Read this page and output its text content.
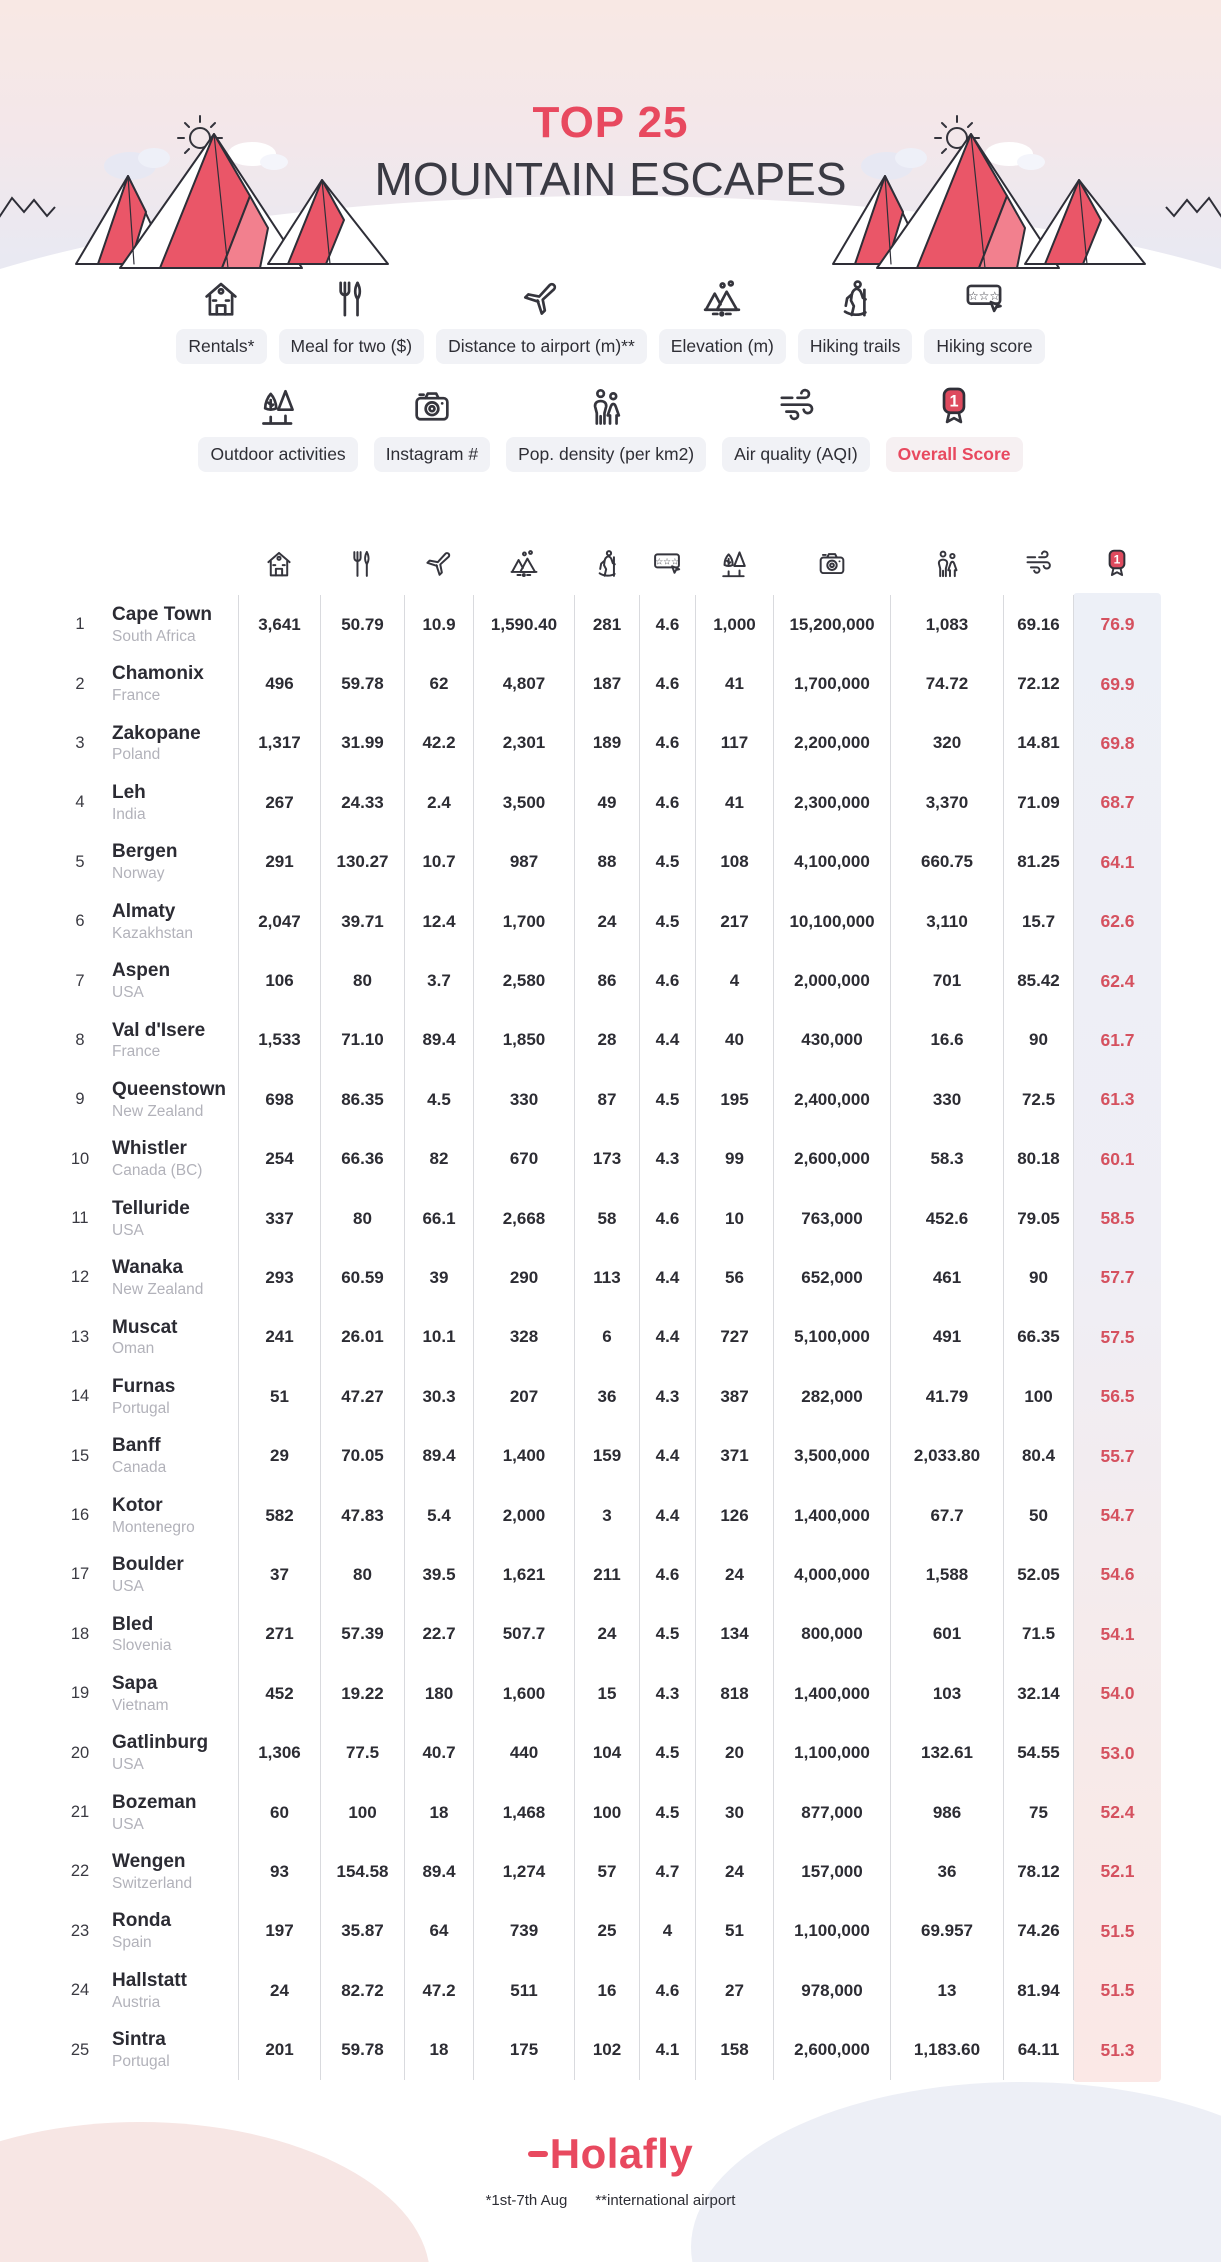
TOP 25
MOUNTAIN ESCAPES
Rentals*	Meal for two ($)	Distance to airport (m)**	Elevation (m)	Hiking trails	Hiking score
Outdoor activities	Instagram #	Pop. density (per km2)	Air quality (AQI)	Overall Score
1	Cape Town
South Africa
3,641	50.79	10.9	1,590.40	281	4.6	1,000	15,200,000	1,083	69.16	76.9
2	Chamonix
France
496	59.78	62	4,807	187	4.6	41	1,700,000	74.72	72.12	69.9
3	Zakopane
Poland
1,317	31.99	42.2	2,301	189	4.6	117	2,200,000	320	14.81	69.8
4	Leh
India
267	24.33	2.4	3,500	49	4.6	41	2,300,000	3,370	71.09	68.7
5	Bergen
Norway
291	130.27	10.7	987	88	4.5	108	4,100,000	660.75	81.25	64.1
6	Almaty
Kazakhstan
2,047	39.71	12.4	1,700	24	4.5	217	10,100,000	3,110	15.7	62.6
7	Aspen
USA
106	80	3.7	2,580	86	4.6	4	2,000,000	701	85.42	62.4
8	Val d'Isere
France
1,533	71.10	89.4	1,850	28	4.4	40	430,000	16.6	90	61.7
9	Queenstown
New Zealand
698	86.35	4.5	330	87	4.5	195	2,400,000	330	72.5	61.3
10	Whistler
Canada (BC)
254	66.36	82	670	173	4.3	99	2,600,000	58.3	80.18	60.1
11	Telluride
USA
337	80	66.1	2,668	58	4.6	10	763,000	452.6	79.05	58.5
12	Wanaka
New Zealand
293	60.59	39	290	113	4.4	56	652,000	461	90	57.7
13	Muscat
Oman
241	26.01	10.1	328	6	4.4	727	5,100,000	491	66.35	57.5
14	Furnas
Portugal
51	47.27	30.3	207	36	4.3	387	282,000	41.79	100	56.5
15	Banff
Canada
29	70.05	89.4	1,400	159	4.4	371	3,500,000	2,033.80	80.4	55.7
16	Kotor
Montenegro
582	47.83	5.4	2,000	3	4.4	126	1,400,000	67.7	50	54.7
17	Boulder
USA
37	80	39.5	1,621	211	4.6	24	4,000,000	1,588	52.05	54.6
18	Bled
Slovenia
271	57.39	22.7	507.7	24	4.5	134	800,000	601	71.5	54.1
19	Sapa
Vietnam
452	19.22	180	1,600	15	4.3	818	1,400,000	103	32.14	54.0
20	Gatlinburg
USA
1,306	77.5	40.7	440	104	4.5	20	1,100,000	132.61	54.55	53.0
21	Bozeman
USA
60	100	18	1,468	100	4.5	30	877,000	986	75	52.4
22	Wengen
Switzerland
93	154.58	89.4	1,274	57	4.7	24	157,000	36	78.12	52.1
23	Ronda
Spain
197	35.87	64	739	25	4	51	1,100,000	69.957	74.26	51.5
24	Hallstatt
Austria
24	82.72	47.2	511	16	4.6	27	978,000	13	81.94	51.5
25	Sintra
Portugal
201	59.78	18	175	102	4.1	158	2,600,000	1,183.60	64.11	51.3
Holafly
*1st-7th Aug **international airport
